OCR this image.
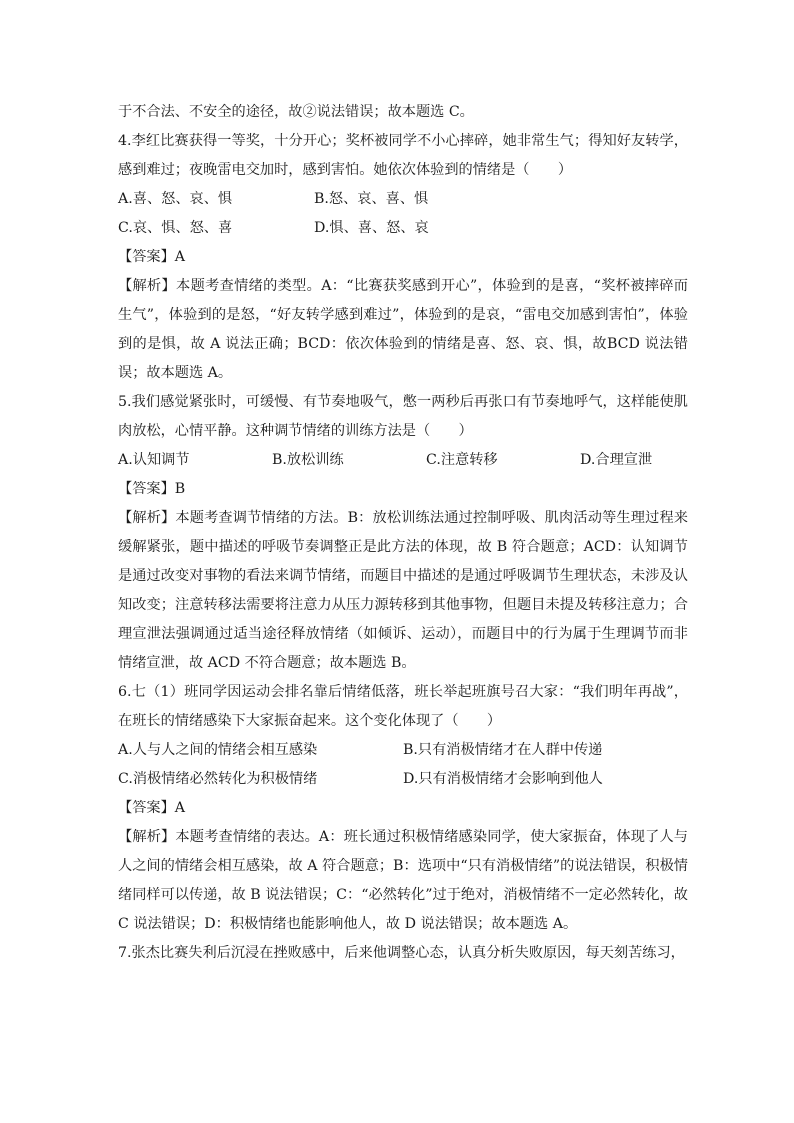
于不合法、不安全的途径，故②说法错误；故本题选 C。

4.李红比赛获得一等奖，十分开心；奖杯被同学不小心摔碎，她非常生气；得知好友转学，感到难过；夜晚雷电交加时，感到害怕。她依次体验到的情绪是（　　）

A.喜、怒、哀、惧	B.怒、哀、喜、惧
C.哀、惧、怒、喜	D.惧、喜、怒、哀

【答案】A

【解析】本题考查情绪的类型。A：“比赛获奖感到开心”，体验到的是喜，“奖杯被摔碎而生气”，体验到的是怒，“好友转学感到难过”，体验到的是哀，“雷电交加感到害怕”，体验到的是惧，故 A 说法正确；BCD：依次体验到的情绪是喜、怒、哀、惧，故BCD 说法错误；故本题选 A。

5.我们感觉紧张时，可缓慢、有节奏地吸气，憋一两秒后再张口有节奏地呼气，这样能使肌肉放松，心情平静。这种调节情绪的训练方法是（　　）

A.认知调节	B.放松训练	C.注意转移	D.合理宣泄

【答案】B

【解析】本题考查调节情绪的方法。B：放松训练法通过控制呼吸、肌肉活动等生理过程来缓解紧张，题中描述的呼吸节奏调整正是此方法的体现，故 B 符合题意；ACD：认知调节是通过改变对事物的看法来调节情绪，而题目中描述的是通过呼吸调节生理状态，未涉及认知改变；注意转移法需要将注意力从压力源转移到其他事物，但题目未提及转移注意力；合理宣泄法强调通过适当途径释放情绪（如倾诉、运动），而题目中的行为属于生理调节而非情绪宣泄，故 ACD 不符合题意；故本题选 B。

6.七（1）班同学因运动会排名靠后情绪低落，班长举起班旗号召大家：“我们明年再战”，在班长的情绪感染下大家振奋起来。这个变化体现了（　　）

A.人与人之间的情绪会相互感染	B.只有消极情绪才在人群中传递
C.消极情绪必然转化为积极情绪	D.只有消极情绪才会影响到他人

【答案】A

【解析】本题考查情绪的表达。A：班长通过积极情绪感染同学，使大家振奋，体现了人与人之间的情绪会相互感染，故 A 符合题意；B：选项中“只有消极情绪”的说法错误，积极情绪同样可以传递，故 B 说法错误；C：“必然转化”过于绝对，消极情绪不一定必然转化，故C 说法错误；D：积极情绪也能影响他人，故 D 说法错误；故本题选 A。

7.张杰比赛失利后沉浸在挫败感中，后来他调整心态，认真分析失败原因，每天刻苦练习，
